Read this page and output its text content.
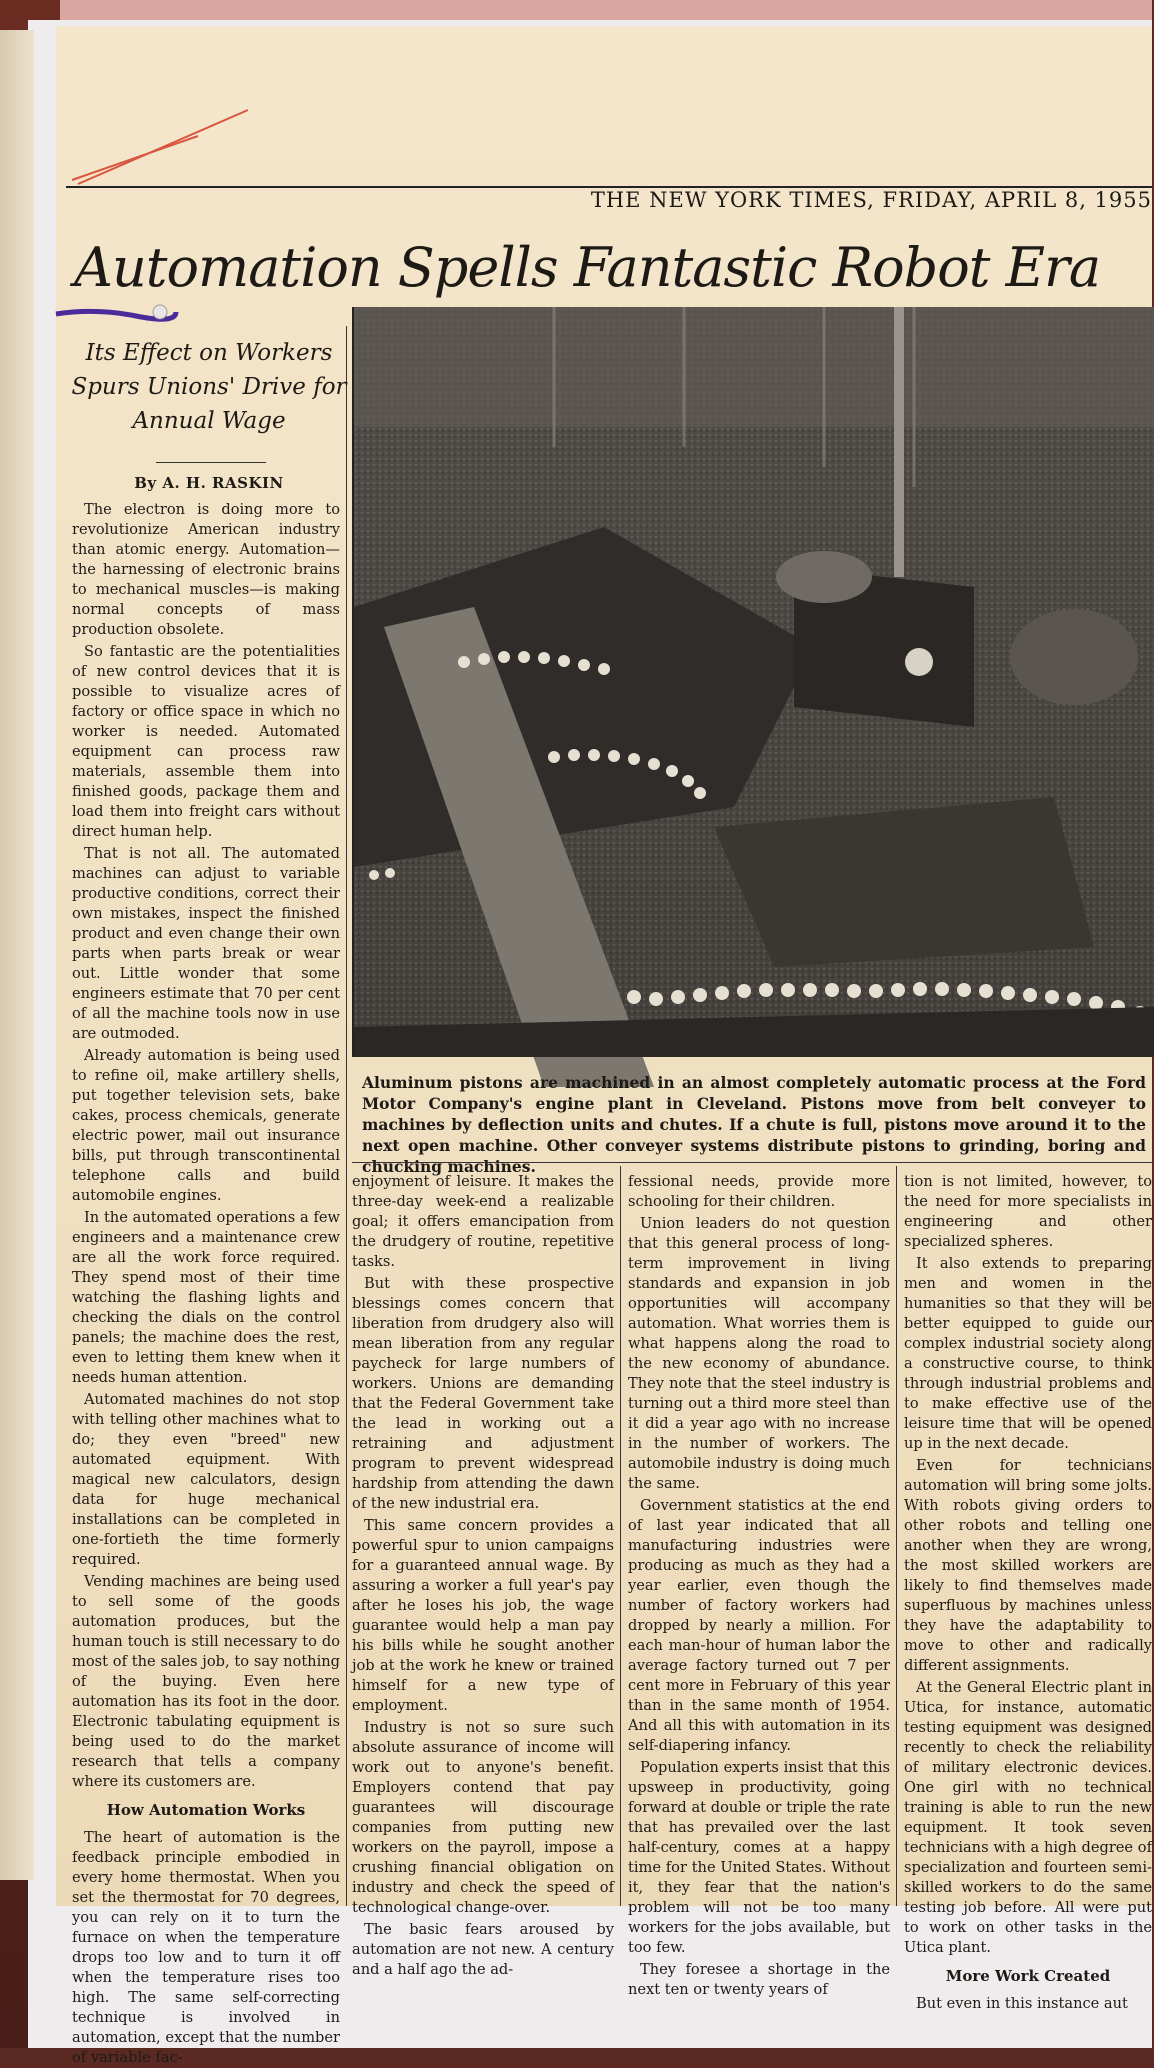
THE NEW YORK TIMES, FRIDAY, APRIL 8, 1955
Automation Spells Fantastic Robot Era
Its Effect on Workers Spurs Unions' Drive for Annual Wage
By A. H. RASKIN
Aluminum pistons are machined in an almost completely automatic process at the Ford Motor Company's engine plant in Cleveland. Pistons move from belt conveyer to machines by deflection units and chutes. If a chute is full, pistons move around it to the next open machine. Other conveyer systems distribute pistons to grinding, boring and chucking machines.

The electron is doing more to revolutionize American industry than atomic energy. Automation—the harnessing of electronic brains to mechanical muscles—is making normal concepts of mass production obsolete.

So fantastic are the potentialities of new control devices that it is possible to visualize acres of factory or office space in which no worker is needed. Automated equipment can process raw materials, assemble them into finished goods, package them and load them into freight cars without direct human help.

That is not all. The automated machines can adjust to variable productive conditions, correct their own mistakes, inspect the finished product and even change their own parts when parts break or wear out. Little wonder that some engineers estimate that 70 per cent of all the machine tools now in use are outmoded.

Already automation is being used to refine oil, make artillery shells, put together television sets, bake cakes, process chemicals, generate electric power, mail out insurance bills, put through transcontinental telephone calls and build automobile engines.

In the automated operations a few engineers and a maintenance crew are all the work force required. They spend most of their time watching the flashing lights and checking the dials on the control panels; the machine does the rest, even to letting them knew when it needs human attention.

Automated machines do not stop with telling other machines what to do; they even "breed" new automated equipment. With magical new calculators, design data for huge mechanical installations can be completed in one-fortieth the time formerly required.

Vending machines are being used to sell some of the goods automation produces, but the human touch is still necessary to do most of the sales job, to say nothing of the buying. Even here automation has its foot in the door. Electronic tabulating equipment is being used to do the market research that tells a company where its customers are.

How Automation Works

The heart of automation is the feedback principle embodied in every home thermostat. When you set the thermostat for 70 degrees, you can rely on it to turn the furnace on when the temperature drops too low and to turn it off when the temperature rises too high. The same self-correcting technique is involved in automation, except that the number of variable fac-

enjoyment of leisure. It makes the three-day week-end a realizable goal; it offers emancipation from the drudgery of routine, repetitive tasks.

But with these prospective blessings comes concern that liberation from drudgery also will mean liberation from any regular paycheck for large numbers of workers. Unions are demanding that the Federal Government take the lead in working out a retraining and adjustment program to prevent widespread hardship from attending the dawn of the new industrial era.

This same concern provides a powerful spur to union campaigns for a guaranteed annual wage. By assuring a worker a full year's pay after he loses his job, the wage guarantee would help a man pay his bills while he sought another job at the work he knew or trained himself for a new type of employment.

Industry is not so sure such absolute assurance of income will work out to anyone's benefit. Employers contend that pay guarantees will discourage companies from putting new workers on the payroll, impose a crushing financial obligation on industry and check the speed of technological change-over.

The basic fears aroused by automation are not new. A century and a half ago the ad-

fessional needs, provide more schooling for their children.

Union leaders do not question that this general process of long-term improvement in living standards and expansion in job opportunities will accompany automation. What worries them is what happens along the road to the new economy of abundance. They note that the steel industry is turning out a third more steel than it did a year ago with no increase in the number of workers. The automobile industry is doing much the same.

Government statistics at the end of last year indicated that all manufacturing industries were producing as much as they had a year earlier, even though the number of factory workers had dropped by nearly a million. For each man-hour of human labor the average factory turned out 7 per cent more in February of this year than in the same month of 1954. And all this with automation in its self-diapering infancy.

Population experts insist that this upsweep in productivity, going forward at double or triple the rate that has prevailed over the last half-century, comes at a happy time for the United States. Without it, they fear that the nation's problem will not be too many workers for the jobs available, but too few.

They foresee a shortage in the next ten or twenty years of

tion is not limited, however, to the need for more specialists in engineering and other specialized spheres.

It also extends to preparing men and women in the humanities so that they will be better equipped to guide our complex industrial society along a constructive course, to think through industrial problems and to make effective use of the leisure time that will be opened up in the next decade.

Even for technicians automation will bring some jolts. With robots giving orders to other robots and telling one another when they are wrong, the most skilled workers are likely to find themselves made superfluous by machines unless they have the adaptability to move to other and radically different assignments.

At the General Electric plant in Utica, for instance, automatic testing equipment was designed recently to check the reliability of military electronic devices. One girl with no technical training is able to run the new equipment. It took seven technicians with a high degree of specialization and fourteen semi-skilled workers to do the same testing job before. All were put to work on other tasks in the Utica plant.

More Work Created

But even in this instance aut
